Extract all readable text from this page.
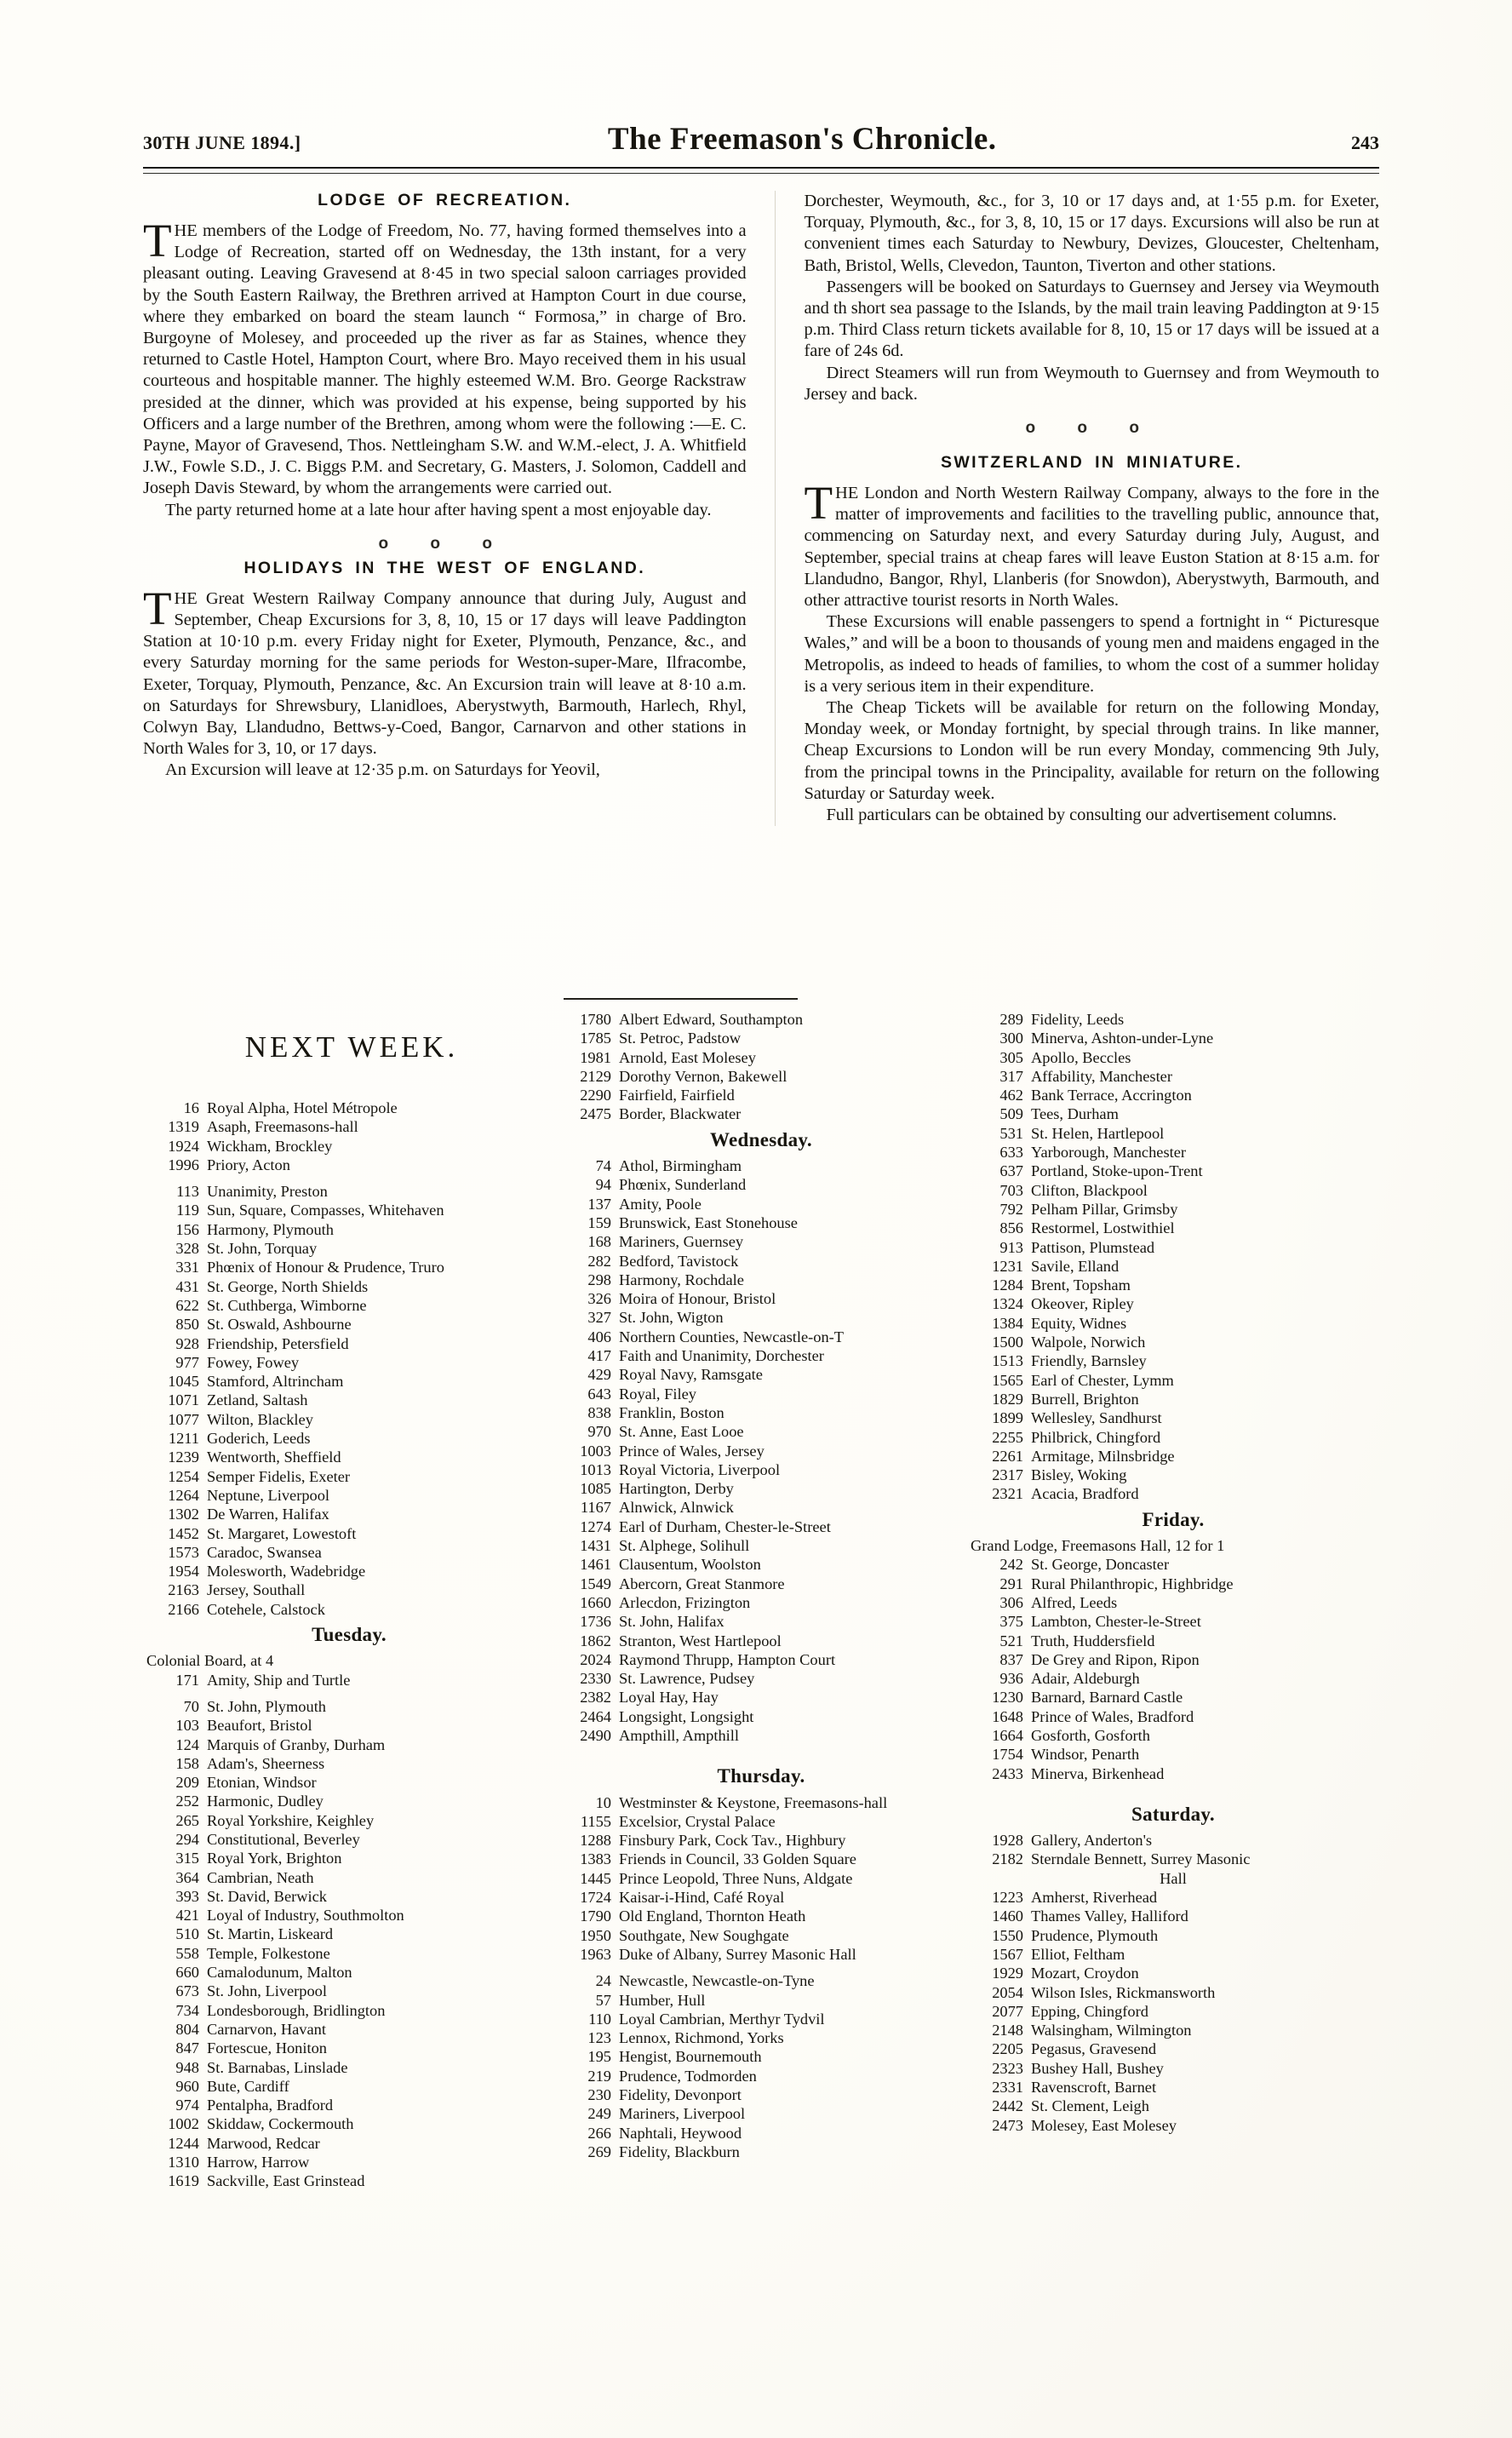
30TH JUNE 1894.]	The Freemason's Chronicle.	243
LODGE OF RECREATION.

THE members of the Lodge of Freedom, No. 77, having formed themselves into a Lodge of Recreation, started off on Wednesday, the 13th instant, for a very pleasant outing. Leaving Gravesend at 8·45 in two special saloon carriages provided by the South Eastern Railway, the Brethren arrived at Hampton Court in due course, where they embarked on board the steam launch “ Formosa,” in charge of Bro. Burgoyne of Molesey, and proceeded up the river as far as Staines, whence they returned to Castle Hotel, Hampton Court, where Bro. Mayo received them in his usual courteous and hospitable manner. The highly esteemed W.M. Bro. George Rackstraw presided at the dinner, which was provided at his expense, being supported by his Officers and a large number of the Brethren, among whom were the following :—E. C. Payne, Mayor of Gravesend, Thos. Nettleingham S.W. and W.M.-elect, J. A. Whitfield J.W., Fowle S.D., J. C. Biggs P.M. and Secretary, G. Masters, J. Solomon, Caddell and Joseph Davis Steward, by whom the arrangements were carried out.

The party returned home at a late hour after having spent a most enjoyable day.

o o o
HOLIDAYS IN THE WEST OF ENGLAND.

THE Great Western Railway Company announce that during July, August and September, Cheap Excursions for 3, 8, 10, 15 or 17 days will leave Paddington Station at 10·10 p.m. every Friday night for Exeter, Plymouth, Penzance, &c., and every Saturday morning for the same periods for Weston-super-Mare, Ilfracombe, Exeter, Torquay, Plymouth, Penzance, &c. An Excursion train will leave at 8·10 a.m. on Saturdays for Shrewsbury, Llanidloes, Aberystwyth, Barmouth, Harlech, Rhyl, Colwyn Bay, Llandudno, Bettws-y-Coed, Bangor, Carnarvon and other stations in North Wales for 3, 10, or 17 days.

An Excursion will leave at 12·35 p.m. on Saturdays for Yeovil,

Dorchester, Weymouth, &c., for 3, 10 or 17 days and, at 1·55 p.m. for Exeter, Torquay, Plymouth, &c., for 3, 8, 10, 15 or 17 days. Excursions will also be run at convenient times each Saturday to Newbury, Devizes, Gloucester, Cheltenham, Bath, Bristol, Wells, Clevedon, Taunton, Tiverton and other stations.

Passengers will be booked on Saturdays to Guernsey and Jersey via Weymouth and th short sea passage to the Islands, by the mail train leaving Paddington at 9·15 p.m. Third Class return tickets available for 8, 10, 15 or 17 days will be issued at a fare of 24s 6d.

Direct Steamers will run from Weymouth to Guernsey and from Weymouth to Jersey and back.

o o o
SWITZERLAND IN MINIATURE.

THE London and North Western Railway Company, always to the fore in the matter of improvements and facilities to the travelling public, announce that, commencing on Saturday next, and every Saturday during July, August, and September, special trains at cheap fares will leave Euston Station at 8·15 a.m. for Llandudno, Bangor, Rhyl, Llanberis (for Snowdon), Aberystwyth, Barmouth, and other attractive tourist resorts in North Wales.

These Excursions will enable passengers to spend a fortnight in “ Picturesque Wales,” and will be a boon to thousands of young men and maidens engaged in the Metropolis, as indeed to heads of families, to whom the cost of a summer holiday is a very serious item in their expenditure.

The Cheap Tickets will be available for return on the following Monday, Monday week, or Monday fortnight, by special through trains. In like manner, Cheap Excursions to London will be run every Monday, commencing 9th July, from the principal towns in the Principality, available for return on the following Saturday or Saturday week.

Full particulars can be obtained by consulting our advertisement columns.

NEXT WEEK.
16 Royal Alpha, Hotel Métropole
1319 Asaph, Freemasons-hall
1924 Wickham, Brockley
1996 Priory, Acton
113 Unanimity, Preston
119 Sun, Square, Compasses, Whitehaven
156 Harmony, Plymouth
328 St. John, Torquay
331 Phœnix of Honour & Prudence, Truro
431 St. George, North Shields
622 St. Cuthberga, Wimborne
850 St. Oswald, Ashbourne
928 Friendship, Petersfield
977 Fowey, Fowey
1045 Stamford, Altrincham
1071 Zetland, Saltash
1077 Wilton, Blackley
1211 Goderich, Leeds
1239 Wentworth, Sheffield
1254 Semper Fidelis, Exeter
1264 Neptune, Liverpool
1302 De Warren, Halifax
1452 St. Margaret, Lowestoft
1573 Caradoc, Swansea
1954 Molesworth, Wadebridge
2163 Jersey, Southall
2166 Cotehele, Calstock
Tuesday.
Colonial Board, at 4
171 Amity, Ship and Turtle
70 St. John, Plymouth
103 Beaufort, Bristol
124 Marquis of Granby, Durham
158 Adam's, Sheerness
209 Etonian, Windsor
252 Harmonic, Dudley
265 Royal Yorkshire, Keighley
294 Constitutional, Beverley
315 Royal York, Brighton
364 Cambrian, Neath
393 St. David, Berwick
421 Loyal of Industry, Southmolton
510 St. Martin, Liskeard
558 Temple, Folkestone
660 Camalodunum, Malton
673 St. John, Liverpool
734 Londesborough, Bridlington
804 Carnarvon, Havant
847 Fortescue, Honiton
948 St. Barnabas, Linslade
960 Bute, Cardiff
974 Pentalpha, Bradford
1002 Skiddaw, Cockermouth
1244 Marwood, Redcar
1310 Harrow, Harrow
1619 Sackville, East Grinstead
1780 Albert Edward, Southampton
1785 St. Petroc, Padstow
1981 Arnold, East Molesey
2129 Dorothy Vernon, Bakewell
2290 Fairfield, Fairfield
2475 Border, Blackwater
Wednesday.
74 Athol, Birmingham
94 Phœnix, Sunderland
137 Amity, Poole
159 Brunswick, East Stonehouse
168 Mariners, Guernsey
282 Bedford, Tavistock
298 Harmony, Rochdale
326 Moira of Honour, Bristol
327 St. John, Wigton
406 Northern Counties, Newcastle-on-T
417 Faith and Unanimity, Dorchester
429 Royal Navy, Ramsgate
643 Royal, Filey
838 Franklin, Boston
970 St. Anne, East Looe
1003 Prince of Wales, Jersey
1013 Royal Victoria, Liverpool
1085 Hartington, Derby
1167 Alnwick, Alnwick
1274 Earl of Durham, Chester-le-Street
1431 St. Alphege, Solihull
1461 Clausentum, Woolston
1549 Abercorn, Great Stanmore
1660 Arlecdon, Frizington
1736 St. John, Halifax
1862 Stranton, West Hartlepool
2024 Raymond Thrupp, Hampton Court
2330 St. Lawrence, Pudsey
2382 Loyal Hay, Hay
2464 Longsight, Longsight
2490 Ampthill, Ampthill
Thursday.
10 Westminster & Keystone, Freemasons-hall
1155 Excelsior, Crystal Palace
1288 Finsbury Park, Cock Tav., Highbury
1383 Friends in Council, 33 Golden Square
1445 Prince Leopold, Three Nuns, Aldgate
1724 Kaisar-i-Hind, Café Royal
1790 Old England, Thornton Heath
1950 Southgate, New Soughgate
1963 Duke of Albany, Surrey Masonic Hall
24 Newcastle, Newcastle-on-Tyne
57 Humber, Hull
110 Loyal Cambrian, Merthyr Tydvil
123 Lennox, Richmond, Yorks
195 Hengist, Bournemouth
219 Prudence, Todmorden
230 Fidelity, Devonport
249 Mariners, Liverpool
266 Naphtali, Heywood
269 Fidelity, Blackburn
289 Fidelity, Leeds
300 Minerva, Ashton-under-Lyne
305 Apollo, Beccles
317 Affability, Manchester
462 Bank Terrace, Accrington
509 Tees, Durham
531 St. Helen, Hartlepool
633 Yarborough, Manchester
637 Portland, Stoke-upon-Trent
703 Clifton, Blackpool
792 Pelham Pillar, Grimsby
856 Restormel, Lostwithiel
913 Pattison, Plumstead
1231 Savile, Elland
1284 Brent, Topsham
1324 Okeover, Ripley
1384 Equity, Widnes
1500 Walpole, Norwich
1513 Friendly, Barnsley
1565 Earl of Chester, Lymm
1829 Burrell, Brighton
1899 Wellesley, Sandhurst
2255 Philbrick, Chingford
2261 Armitage, Milnsbridge
2317 Bisley, Woking
2321 Acacia, Bradford
Friday.
Grand Lodge, Freemasons Hall, 12 for 1
242 St. George, Doncaster
291 Rural Philanthropic, Highbridge
306 Alfred, Leeds
375 Lambton, Chester-le-Street
521 Truth, Huddersfield
837 De Grey and Ripon, Ripon
936 Adair, Aldeburgh
1230 Barnard, Barnard Castle
1648 Prince of Wales, Bradford
1664 Gosforth, Gosforth
1754 Windsor, Penarth
2433 Minerva, Birkenhead
Saturday.
1928 Gallery, Anderton's
2182 Sterndale Bennett, Surrey Masonic
Hall
1223 Amherst, Riverhead
1460 Thames Valley, Halliford
1550 Prudence, Plymouth
1567 Elliot, Feltham
1929 Mozart, Croydon
2054 Wilson Isles, Rickmansworth
2077 Epping, Chingford
2148 Walsingham, Wilmington
2205 Pegasus, Gravesend
2323 Bushey Hall, Bushey
2331 Ravenscroft, Barnet
2442 St. Clement, Leigh
2473 Molesey, East Molesey
